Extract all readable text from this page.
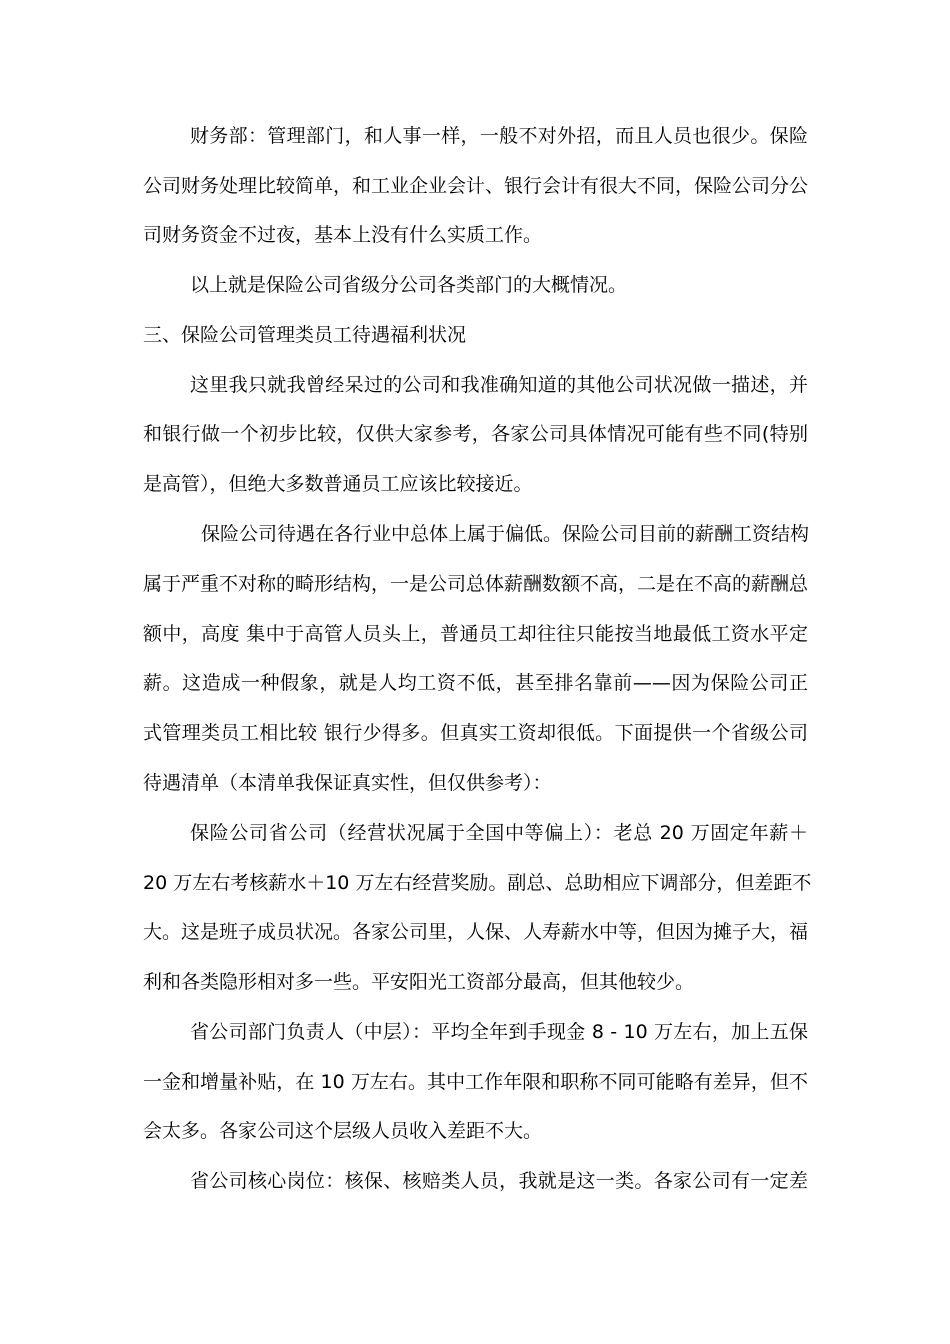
财务部：管理部门，和人事一样，一般不对外招，而且人员也很少。保险
公司财务处理比较简单，和工业企业会计、银行会计有很大不同，保险公司分公
司财务资金不过夜，基本上没有什么实质工作。
以上就是保险公司省级分公司各类部门的大概情况。
三、保险公司管理类员工待遇福利状况
这里我只就我曾经呆过的公司和我准确知道的其他公司状况做一描述，并
和银行做一个初步比较，仅供大家参考，各家公司具体情况可能有些不同(特别
是高管），但绝大多数普通员工应该比较接近。
保险公司待遇在各行业中总体上属于偏低。保险公司目前的薪酬工资结构
属于严重不对称的畸形结构，一是公司总体薪酬数额不高，二是在不高的薪酬总
额中，高度 集中于高管人员头上，普通员工却往往只能按当地最低工资水平定
薪。这造成一种假象，就是人均工资不低，甚至排名靠前——因为保险公司正
式管理类员工相比较 银行少得多。但真实工资却很低。下面提供一个省级公司
待遇清单（本清单我保证真实性，但仅供参考）：
保险公司省公司（经营状况属于全国中等偏上）：老总 20 万固定年薪＋
20 万左右考核薪水＋10 万左右经营奖励。副总、总助相应下调部分，但差距不
大。这是班子成员状况。各家公司里，人保、人寿薪水中等，但因为摊子大，福
利和各类隐形相对多一些。平安阳光工资部分最高，但其他较少。
省公司部门负责人（中层）：平均全年到手现金 8 - 10 万左右，加上五保
一金和增量补贴，在 10 万左右。其中工作年限和职称不同可能略有差异，但不
会太多。各家公司这个层级人员收入差距不大。
省公司核心岗位：核保、核赔类人员，我就是这一类。各家公司有一定差
